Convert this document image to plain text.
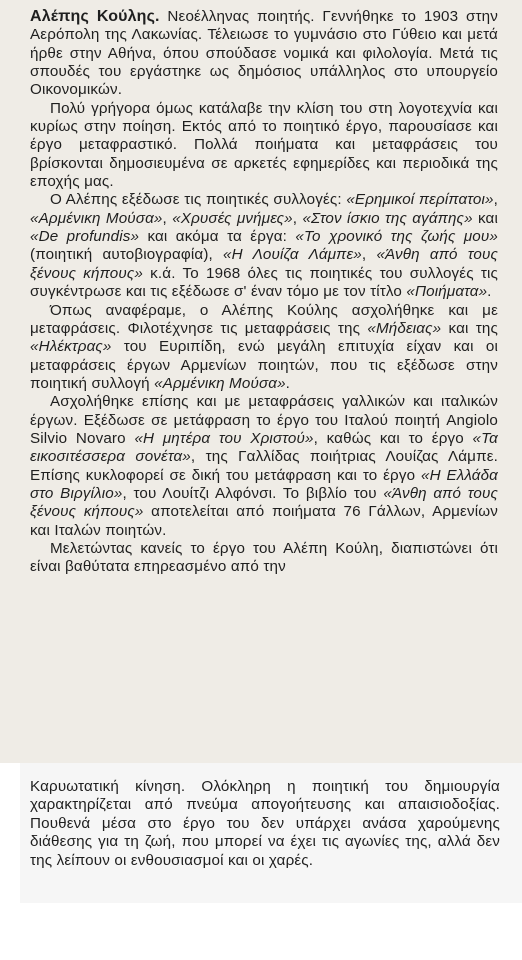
Αλέπης Κούλης. Νεοέλληνας ποιητής. Γεννήθηκε το 1903 στην Αερόπολη της Λακωνίας. Τέλειωσε το γυμνάσιο στο Γύθειο και μετά ήρθε στην Αθήνα, όπου σπούδασε νομικά και φιλολογία. Μετά τις σπουδές του εργάστηκε ως δημόσιος υπάλληλος στο υπουργείο Οικονομικών.

Πολύ γρήγορα όμως κατάλαβε την κλίση του στη λογοτεχνία και κυρίως στην ποίηση. Εκτός από το ποιητικό έργο, παρουσίασε και έργο μεταφραστικό. Πολλά ποιήματα και μεταφράσεις του βρίσκονται δημοσιευμένα σε αρκετές εφημερίδες και περιοδικά της εποχής μας.

Ο Αλέπης εξέδωσε τις ποιητικές συλλογές: «Ερημικοί περίπατοι», «Αρμένικη Μούσα», «Χρυσές μνήμες», «Στον ίσκιο της αγάπης» και «De profundis» και ακόμα τα έργα: «Το χρονικό της ζωής μου» (ποιητική αυτοβιογραφία), «Η Λουίζα Λάμπε», «Άνθη από τους ξένους κήπους» κ.ά. Το 1968 όλες τις ποιητικές του συλλογές τις συγκέντρωσε και τις εξέδωσε σ' έναν τόμο με τον τίτλο «Ποιήματα».

Όπως αναφέραμε, ο Αλέπης Κούλης ασχολήθηκε και με μεταφράσεις. Φιλοτέχνησε τις μεταφράσεις της «Μήδειας» και της «Ηλέκτρας» του Ευριπίδη, ενώ μεγάλη επιτυχία είχαν και οι μεταφράσεις έργων Αρμενίων ποιητών, που τις εξέδωσε στην ποιητική συλλογή «Αρμένικη Μούσα».

Ασχολήθηκε επίσης και με μεταφράσεις γαλλικών και ιταλικών έργων. Εξέδωσε σε μετάφραση το έργο του Ιταλού ποιητή Angiolo Silvio Novaro «Η μητέρα του Χριστού», καθώς και το έργο «Τα εικοσιτέσσερα σονέτα», της Γαλλίδας ποιήτριας Λουίζας Λάμπε. Επίσης κυκλοφορεί σε δική του μετάφραση και το έργο «Η Ελλάδα στο Βιργίλιο», του Λουίτζι Αλφόνσι. Το βιβλίο του «Άνθη από τους ξένους κήπους» αποτελείται από ποιήματα 76 Γάλλων, Αρμενίων και Ιταλών ποιητών.

Μελετώντας κανείς το έργο του Αλέπη Κούλη, διαπιστώνει ότι είναι βαθύτατα επηρεασμένο από την

Καρυωτατική κίνηση. Ολόκληρη η ποιητική του δημιουργία χαρακτηρίζεται από πνεύμα απογοήτευσης και απαισιοδοξίας. Πουθενά μέσα στο έργο του δεν υπάρχει ανάσα χαρούμενης διάθεσης για τη ζωή, που μπορεί να έχει τις αγωνίες της, αλλά δεν της λείπουν οι ενθουσιασμοί και οι χαρές.
